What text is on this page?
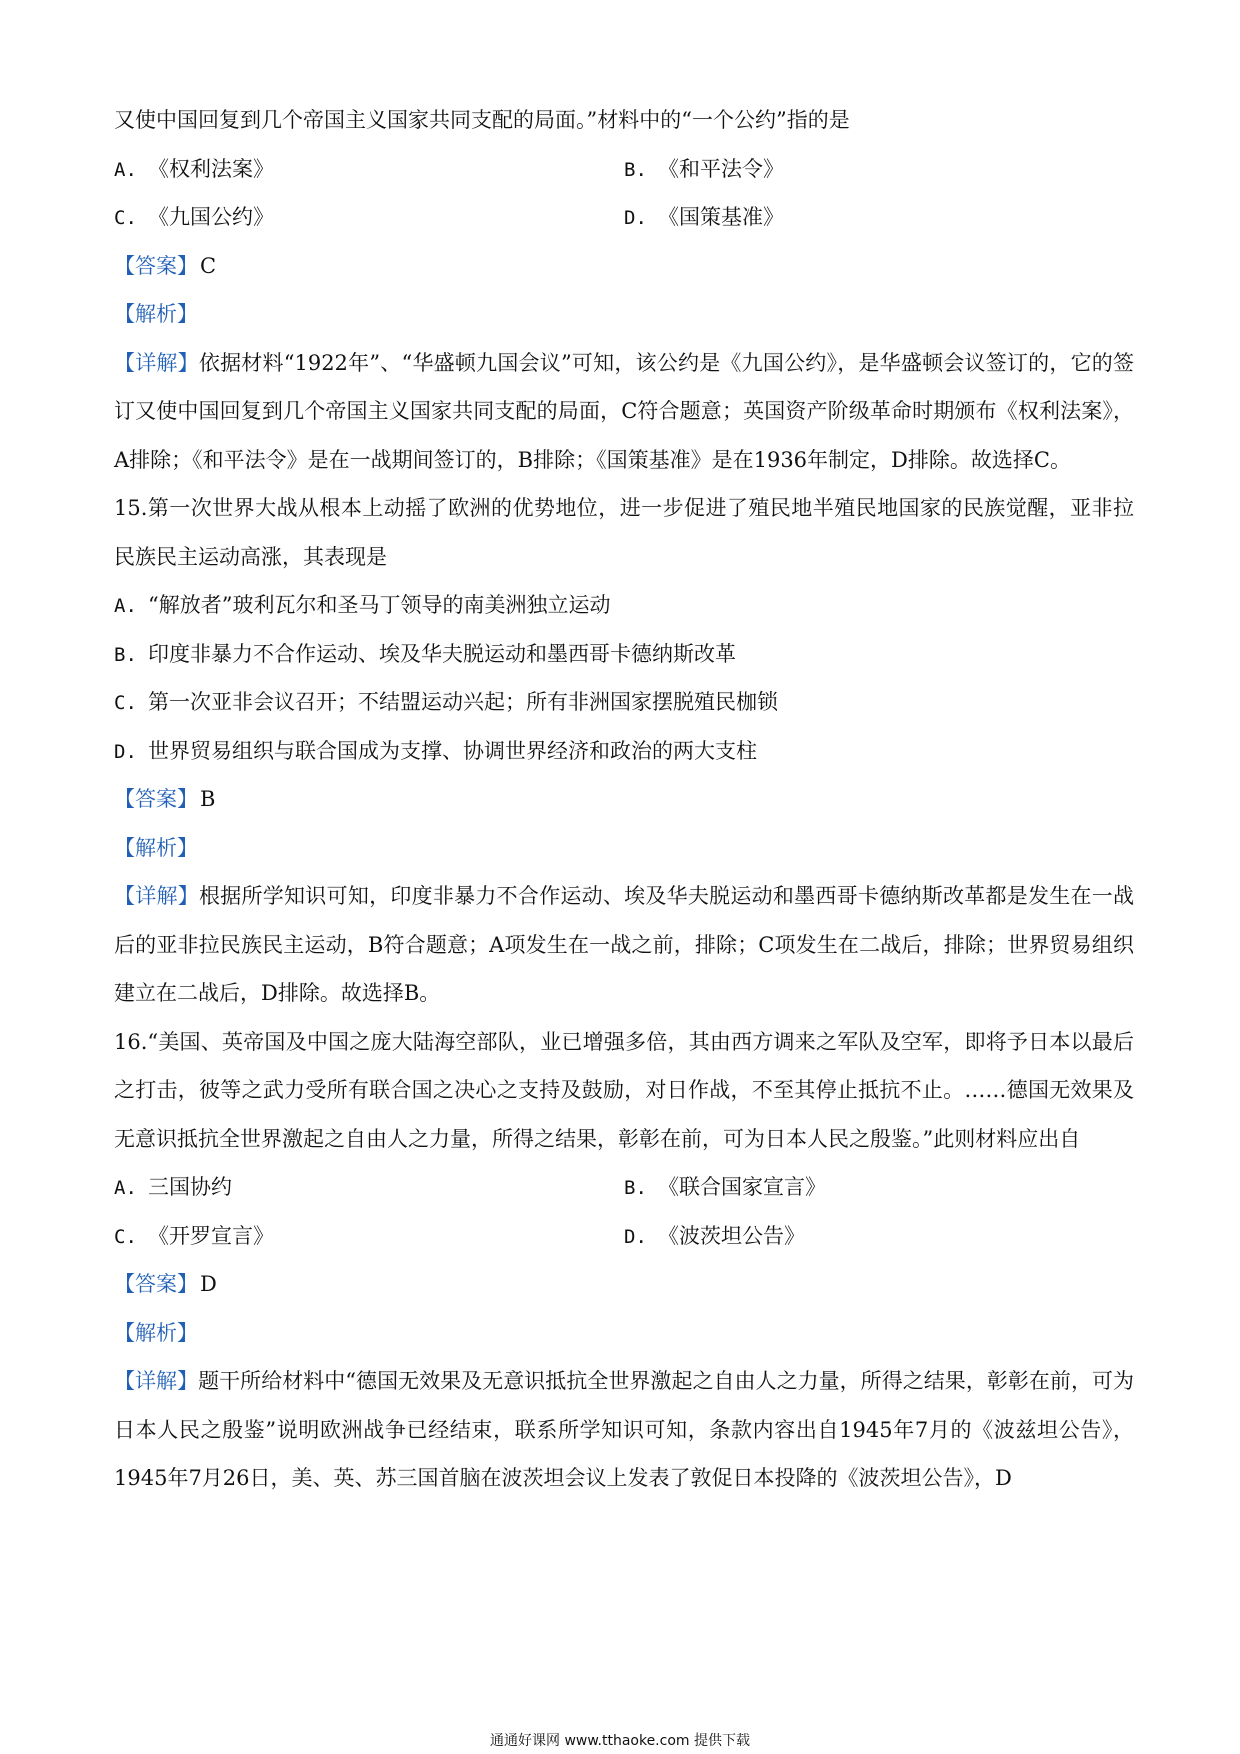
又使中国回复到几个帝国主义国家共同支配的局面。”材料中的“一个公约”指的是
A. 《权利法案》	B. 《和平法令》
C. 《九国公约》	D. 《国策基准》
【答案】C
【解析】
【详解】依据材料“1922年”、“华盛顿九国会议”可知，该公约是《九国公约》，是华盛顿会议签订的，它的签订又使中国回复到几个帝国主义国家共同支配的局面，C符合题意；英国资产阶级革命时期颁布《权利法案》，A排除；《和平法令》是在一战期间签订的，B排除；《国策基准》是在1936年制定，D排除。故选择C。
15.第一次世界大战从根本上动摇了欧洲的优势地位，进一步促进了殖民地半殖民地国家的民族觉醒，亚非拉民族民主运动高涨，其表现是
A. “解放者”玻利瓦尔和圣马丁领导的南美洲独立运动
B. 印度非暴力不合作运动、埃及华夫脱运动和墨西哥卡德纳斯改革
C. 第一次亚非会议召开；不结盟运动兴起；所有非洲国家摆脱殖民枷锁
D. 世界贸易组织与联合国成为支撑、协调世界经济和政治的两大支柱
【答案】B
【解析】
【详解】根据所学知识可知，印度非暴力不合作运动、埃及华夫脱运动和墨西哥卡德纳斯改革都是发生在一战后的亚非拉民族民主运动，B符合题意；A项发生在一战之前，排除；C项发生在二战后，排除；世界贸易组织建立在二战后，D排除。故选择B。
16.“美国、英帝国及中国之庞大陆海空部队，业已增强多倍，其由西方调来之军队及空军，即将予日本以最后之打击，彼等之武力受所有联合国之决心之支持及鼓励，对日作战，不至其停止抵抗不止。……德国无效果及无意识抵抗全世界激起之自由人之力量，所得之结果，彰彰在前，可为日本人民之殷鉴。”此则材料应出自
A. 三国协约	B. 《联合国家宣言》
C. 《开罗宣言》	D. 《波茨坦公告》
【答案】D
【解析】
【详解】题干所给材料中“德国无效果及无意识抵抗全世界激起之自由人之力量，所得之结果，彰彰在前，可为日本人民之殷鉴”说明欧洲战争已经结束，联系所学知识可知，条款内容出自1945年7月的《波兹坦公告》，1945年7月26日，美、英、苏三国首脑在波茨坦会议上发表了敦促日本投降的《波茨坦公告》，D
通通好课网 www.tthaoke.com 提供下载
